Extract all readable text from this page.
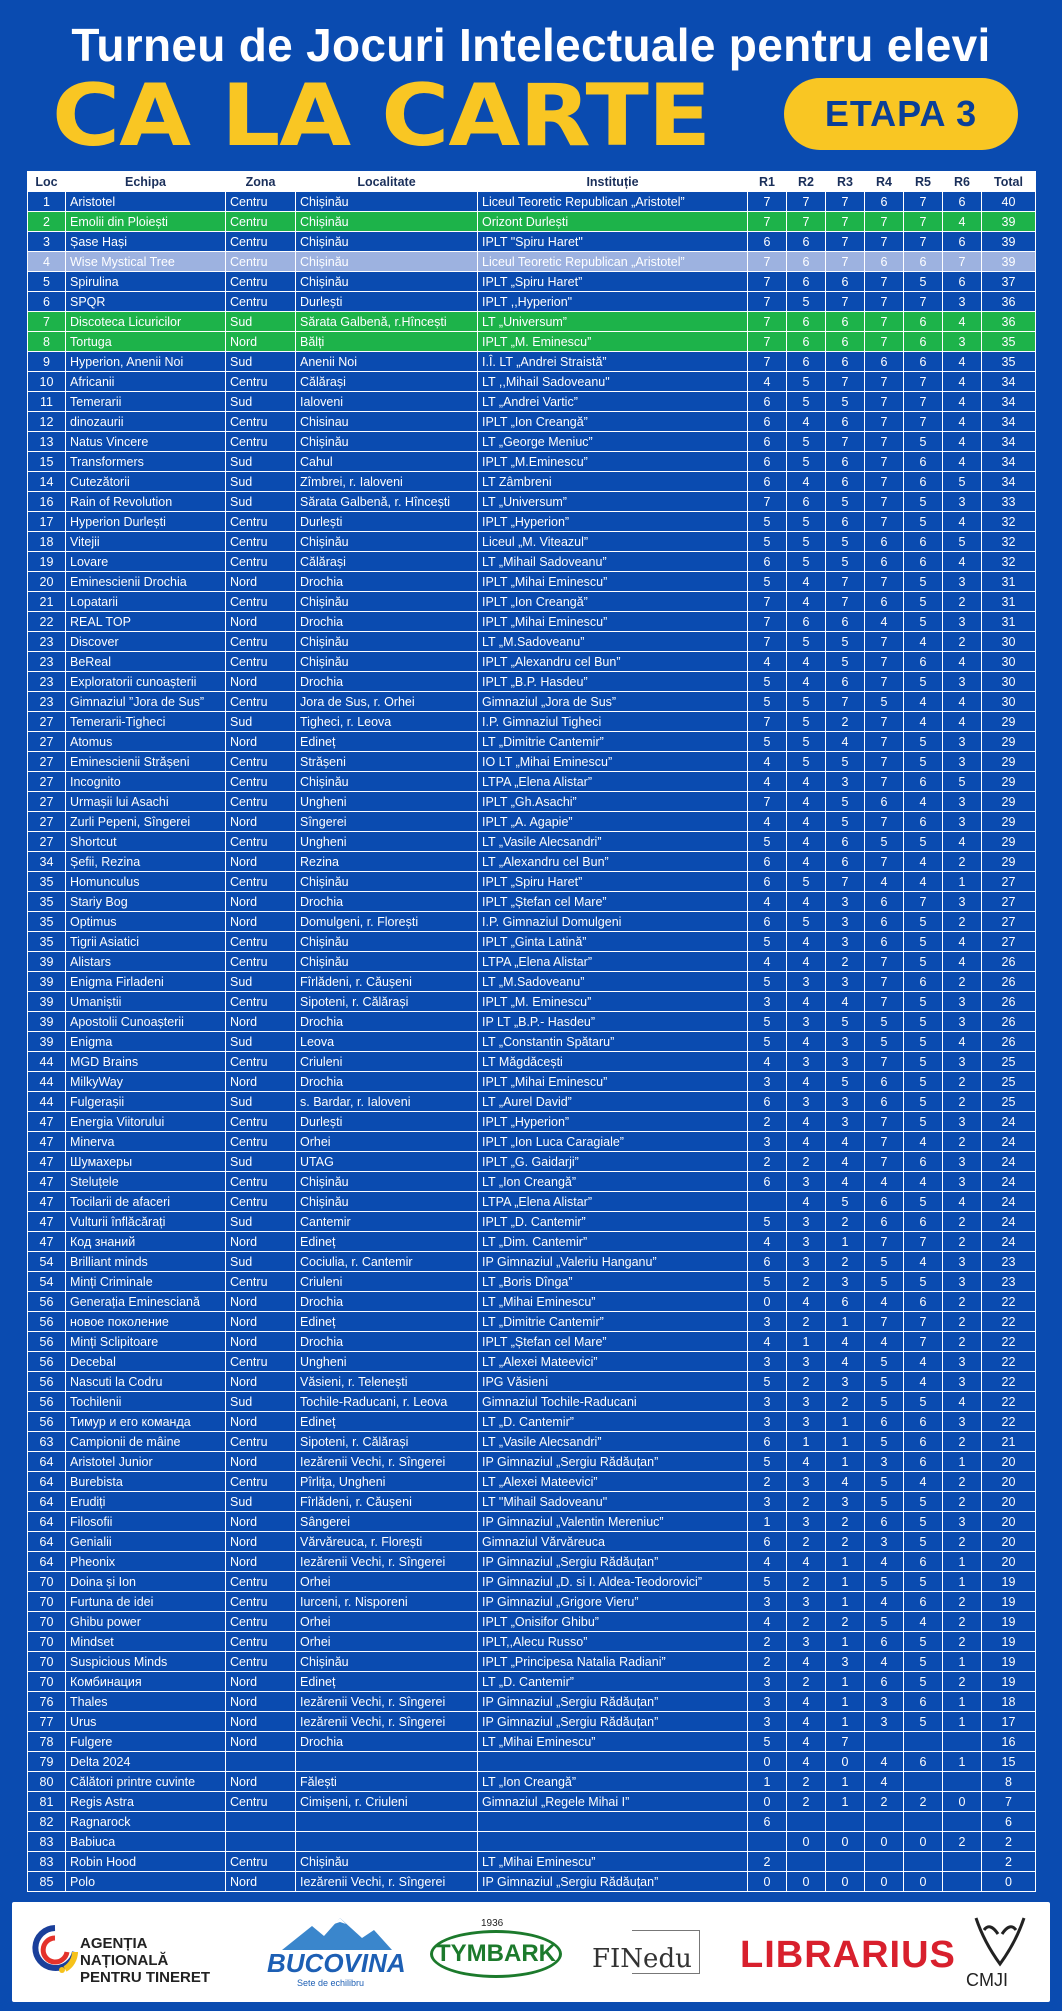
Turneu de Jocuri Intelectuale pentru elevi
CA LA CARTE	ETAPA 3
Loc	Echipa	Zona	Localitate	Instituție	R1	R2	R3	R4	R5	R6	Total
1	Aristotel	Centru	Chișinău	Liceul Teoretic Republican „Aristotel”	7	7	7	6	7	6	40
2	Emolii din Ploiești	Centru	Chișinău	Orizont Durlești	7	7	7	7	7	4	39
3	Șase Hași	Centru	Chișinău	IPLT "Spiru Haret"	6	6	7	7	7	6	39
4	Wise Mystical Tree	Centru	Chișinău	Liceul Teoretic Republican „Aristotel”	7	6	7	6	6	7	39
5	Spirulina	Centru	Chișinău	IPLT „Spiru Haret”	7	6	6	7	5	6	37
6	SPQR	Centru	Durlești	IPLT ,,Hyperion"	7	5	7	7	7	3	36
7	Discoteca Licuricilor	Sud	Sărata Galbenă, r.Hîncești	LT „Universum”	7	6	6	7	6	4	36
8	Tortuga	Nord	Bălți	IPLT „M. Eminescu”	7	6	6	7	6	3	35
9	Hyperion, Anenii Noi	Sud	Anenii Noi	I.Î. LT „Andrei Straistă”	7	6	6	6	6	4	35
10	Africanii	Centru	Călărași	LT ,,Mihail Sadoveanu"	4	5	7	7	7	4	34
11	Temerarii	Sud	Ialoveni	LT „Andrei Vartic”	6	5	5	7	7	4	34
12	dinozaurii	Centru	Chisinau	IPLT „Ion Creangă”	6	4	6	7	7	4	34
13	Natus Vincere	Centru	Chișinău	LT „George Meniuc”	6	5	7	7	5	4	34
15	Transformers	Sud	Cahul	IPLT „M.Eminescu”	6	5	6	7	6	4	34
14	Cutezătorii	Sud	Zîmbrei, r. Ialoveni	LT Zâmbreni	6	4	6	7	6	5	34
16	Rain of Revolution	Sud	Sărata Galbenă, r. Hîncești	LT „Universum”	7	6	5	7	5	3	33
17	Hyperion Durlești	Centru	Durlești	IPLT „Hyperion”	5	5	6	7	5	4	32
18	Vitejii	Centru	Chișinău	Liceul „M. Viteazul”	5	5	5	6	6	5	32
19	Lovare	Centru	Călărași	LT „Mihail Sadoveanu”	6	5	5	6	6	4	32
20	Eminescienii Drochia	Nord	Drochia	IPLT „Mihai Eminescu”	5	4	7	7	5	3	31
21	Lopatarii	Centru	Chișinău	IPLT „Ion Creangă”	7	4	7	6	5	2	31
22	REAL TOP	Nord	Drochia	IPLT „Mihai Eminescu”	7	6	6	4	5	3	31
23	Discover	Centru	Chișinău	LT „M.Sadoveanu”	7	5	5	7	4	2	30
23	BeReal	Centru	Chișinău	IPLT „Alexandru cel Bun”	4	4	5	7	6	4	30
23	Exploratorii cunoașterii	Nord	Drochia	IPLT „B.P. Hasdeu”	5	4	6	7	5	3	30
23	Gimnaziul ”Jora de Sus”	Centru	Jora de Sus, r. Orhei	Gimnaziul „Jora de Sus”	5	5	7	5	4	4	30
27	Temerarii-Tigheci	Sud	Tigheci, r. Leova	I.P. Gimnaziul Tigheci	7	5	2	7	4	4	29
27	Atomus	Nord	Edineț	LT „Dimitrie Cantemir”	5	5	4	7	5	3	29
27	Eminescienii Strășeni	Centru	Strășeni	IO LT „Mihai Eminescu”	4	5	5	7	5	3	29
27	Incognito	Centru	Chișinău	LTPA „Elena Alistar”	4	4	3	7	6	5	29
27	Urmașii lui Asachi	Centru	Ungheni	IPLT „Gh.Asachi”	7	4	5	6	4	3	29
27	Zurli Pepeni, Sîngerei	Nord	Sîngerei	IPLT „A. Agapie”	4	4	5	7	6	3	29
27	Shortcut	Centru	Ungheni	LT „Vasile Alecsandri”	5	4	6	5	5	4	29
34	Șefii, Rezina	Nord	Rezina	LT „Alexandru cel Bun”	6	4	6	7	4	2	29
35	Homunculus	Centru	Chișinău	IPLT „Spiru Haret”	6	5	7	4	4	1	27
35	Stariy Bog	Nord	Drochia	IPLT „Ștefan cel Mare”	4	4	3	6	7	3	27
35	Optimus	Nord	Domulgeni, r. Florești	I.P. Gimnaziul Domulgeni	6	5	3	6	5	2	27
35	Tigrii Asiatici	Centru	Chișinău	IPLT „Ginta Latină”	5	4	3	6	5	4	27
39	Alistars	Centru	Chișinău	LTPA „Elena Alistar”	4	4	2	7	5	4	26
39	Enigma Firladeni	Sud	Fîrlădeni, r. Căușeni	LT „M.Sadoveanu”	5	3	3	7	6	2	26
39	Umaniștii	Centru	Sipoteni, r. Călărași	IPLT „M. Eminescu”	3	4	4	7	5	3	26
39	Apostolii Cunoașterii	Nord	Drochia	IP LT „B.P.- Hasdeu”	5	3	5	5	5	3	26
39	Enigma	Sud	Leova	LT „Constantin Spătaru”	5	4	3	5	5	4	26
44	MGD Brains	Centru	Criuleni	LT Măgdăcești	4	3	3	7	5	3	25
44	MilkyWay	Nord	Drochia	IPLT „Mihai Eminescu”	3	4	5	6	5	2	25
44	Fulgerașii	Sud	s. Bardar, r. Ialoveni	LT „Aurel David”	6	3	3	6	5	2	25
47	Energia Viitorului	Centru	Durlești	IPLT „Hyperion”	2	4	3	7	5	3	24
47	Minerva	Centru	Orhei	IPLT „Ion Luca Caragiale”	3	4	4	7	4	2	24
47	Шумахеры	Sud	UTAG	IPLT „G. Gaidarji”	2	2	4	7	6	3	24
47	Steluțele	Centru	Chișinău	LT „Ion Creangă”	6	3	4	4	4	3	24
47	Tocilarii de afaceri	Centru	Chișinău	LTPA „Elena Alistar”		4	5	6	5	4	24
47	Vulturii înflăcărați	Sud	Cantemir	IPLT „D. Cantemir”	5	3	2	6	6	2	24
47	Код знаний	Nord	Edineț	LT „Dim. Cantemir”	4	3	1	7	7	2	24
54	Brilliant minds	Sud	Cociulia, r. Cantemir	IP Gimnaziul „Valeriu Hanganu”	6	3	2	5	4	3	23
54	Minți Criminale	Centru	Criuleni	LT „Boris Dînga”	5	2	3	5	5	3	23
56	Generația Eminesciană	Nord	Drochia	LT „Mihai Eminescu”	0	4	6	4	6	2	22
56	новое поколение	Nord	Edineț	LT „Dimitrie Cantemir”	3	2	1	7	7	2	22
56	Minți Sclipitoare	Nord	Drochia	IPLT „Ștefan cel Mare”	4	1	4	4	7	2	22
56	Decebal	Centru	Ungheni	LT „Alexei Mateevici”	3	3	4	5	4	3	22
56	Nascuti la Codru	Nord	Văsieni, r. Telenești	IPG Văsieni	5	2	3	5	4	3	22
56	Tochilenii	Sud	Tochile-Raducani, r. Leova	Gimnaziul Tochile-Raducani	3	3	2	5	5	4	22
56	Тимур и его команда	Nord	Edineț	LT „D. Cantemir”	3	3	1	6	6	3	22
63	Campionii de mâine	Centru	Sipoteni, r. Călărași	LT „Vasile Alecsandri”	6	1	1	5	6	2	21
64	Aristotel Junior	Nord	Iezărenii Vechi, r. Sîngerei	IP Gimnaziul „Sergiu Rădăuțan”	5	4	1	3	6	1	20
64	Burebista	Centru	Pîrlița, Ungheni	LT „Alexei Mateevici”	2	3	4	5	4	2	20
64	Erudiți	Sud	Fîrlădeni, r. Căușeni	LT "Mihail Sadoveanu"	3	2	3	5	5	2	20
64	Filosofii	Nord	Sângerei	IP Gimnaziul „Valentin Mereniuc”	1	3	2	6	5	3	20
64	Genialii	Nord	Vărvăreuca, r. Florești	Gimnaziul Vărvăreuca	6	2	2	3	5	2	20
64	Pheonix	Nord	Iezărenii Vechi, r. Sîngerei	IP Gimnaziul „Sergiu Rădăuțan”	4	4	1	4	6	1	20
70	Doina și Ion	Centru	Orhei	IP Gimnaziul „D. si I. Aldea-Teodorovici”	5	2	1	5	5	1	19
70	Furtuna de idei	Centru	Iurceni, r. Nisporeni	IP Gimnaziul „Grigore Vieru”	3	3	1	4	6	2	19
70	Ghibu power	Centru	Orhei	IPLT „Onisifor Ghibu”	4	2	2	5	4	2	19
70	Mindset	Centru	Orhei	IPLT,,Alecu Russo”	2	3	1	6	5	2	19
70	Suspicious Minds	Centru	Chișinău	IPLT „Principesa Natalia Radiani”	2	4	3	4	5	1	19
70	Комбинация	Nord	Edineț	LT „D. Cantemir”	3	2	1	6	5	2	19
76	Thales	Nord	Iezărenii Vechi, r. Sîngerei	IP Gimnaziul „Sergiu Rădăuțan”	3	4	1	3	6	1	18
77	Urus	Nord	Iezărenii Vechi, r. Sîngerei	IP Gimnaziul „Sergiu Rădăuțan”	3	4	1	3	5	1	17
78	Fulgere	Nord	Drochia	LT „Mihai Eminescu”	5	4	7				16
79	Delta 2024				0	4	0	4	6	1	15
80	Călători printre cuvinte	Nord	Fălești	LT „Ion Creangă”	1	2	1	4			8
81	Regis Astra	Centru	Cimișeni, r. Criuleni	Gimnaziul „Regele Mihai I”	0	2	1	2	2	0	7
82	Ragnarock				6						6
83	Babiuca					0	0	0	0	2	2
83	Robin Hood	Centru	Chișinău	LT „Mihai Eminescu”	2						2
85	Polo	Nord	Iezărenii Vechi, r. Sîngerei	IP Gimnaziul „Sergiu Rădăuțan”	0	0	0	0	0		0
AGENȚIA
NAȚIONALĂ
PENTRU TINERET BUCOVINA
Sete de echilibru
1936
TYMBARK FINedu LIBRARIUS
CMJI
